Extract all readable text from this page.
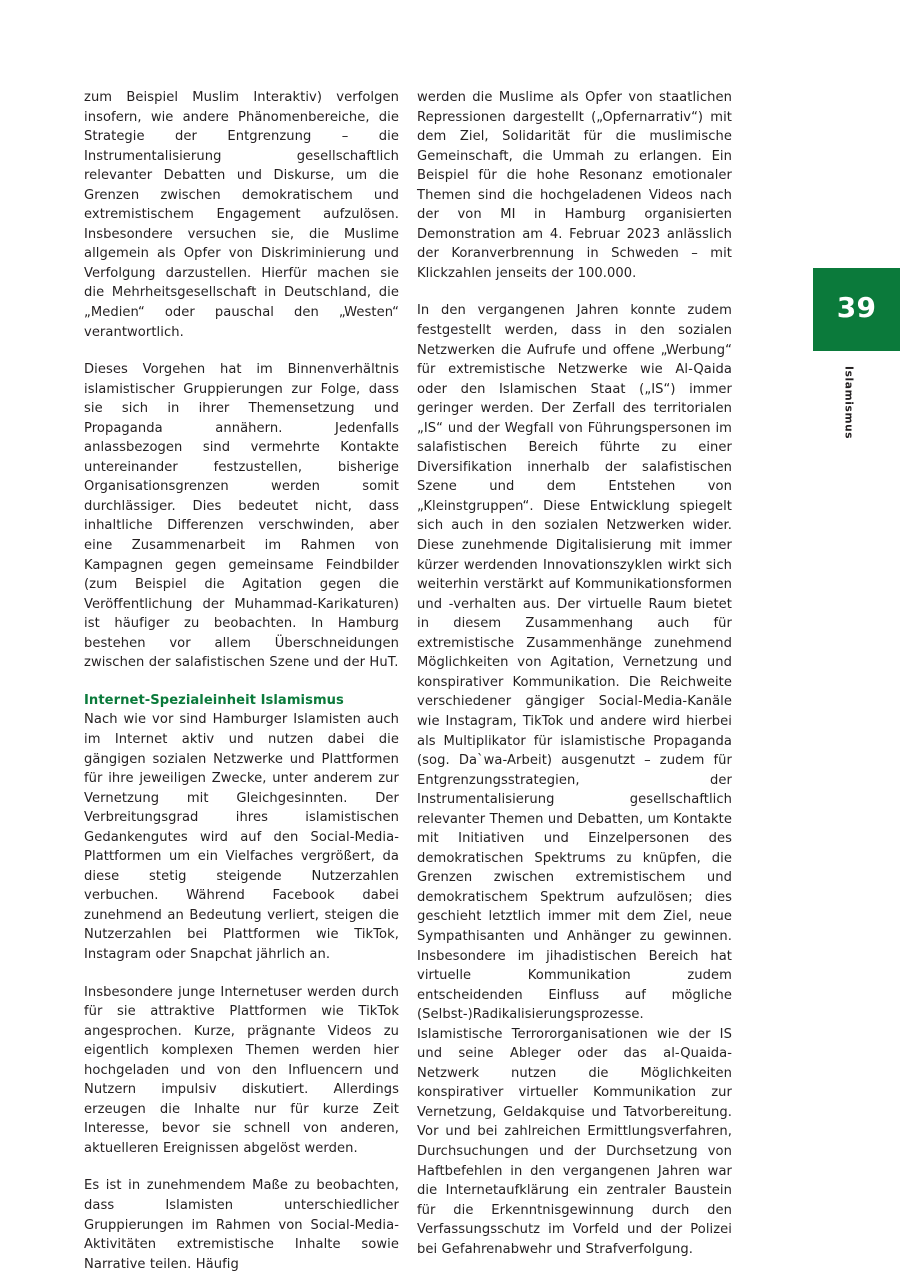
zum Beispiel Muslim Interaktiv) verfolgen insofern, wie andere Phänomenbereiche, die Strategie der Entgrenzung – die Instrumentalisierung gesellschaftlich relevanter Debatten und Diskurse, um die Grenzen zwischen demokratischem und extremistischem Engagement aufzulösen. Insbesondere versuchen sie, die Muslime allgemein als Opfer von Diskriminierung und Verfolgung darzustellen. Hierfür machen sie die Mehrheitsgesellschaft in Deutschland, die „Medien“ oder pauschal den „Westen“ verantwortlich.

Dieses Vorgehen hat im Binnenverhältnis islamistischer Gruppierungen zur Folge, dass sie sich in ihrer Themensetzung und Propaganda annähern. Jedenfalls anlassbezogen sind vermehrte Kontakte untereinander festzustellen, bisherige Organisationsgrenzen werden somit durchlässiger. Dies bedeutet nicht, dass inhaltliche Differenzen verschwinden, aber eine Zusammenarbeit im Rahmen von Kampagnen gegen gemeinsame Feindbilder (zum Beispiel die Agitation gegen die Veröffentlichung der Muhammad-Karikaturen) ist häufiger zu beobachten. In Hamburg bestehen vor allem Überschneidungen zwischen der salafistischen Szene und der HuT.

Internet-Spezialeinheit Islamismus

Nach wie vor sind Hamburger Islamisten auch im Internet aktiv und nutzen dabei die gängigen sozialen Netzwerke und Plattformen für ihre jeweiligen Zwecke, unter anderem zur Vernetzung mit Gleichgesinnten. Der Verbreitungsgrad ihres islamistischen Gedankengutes wird auf den Social-Media-Plattformen um ein Vielfaches vergrößert, da diese stetig steigende Nutzerzahlen verbuchen. Während Facebook dabei zunehmend an Bedeutung verliert, steigen die Nutzerzahlen bei Plattformen wie TikTok, Instagram oder Snapchat jährlich an.

Insbesondere junge Internetuser werden durch für sie attraktive Plattformen wie TikTok angesprochen. Kurze, prägnante Videos zu eigentlich komplexen Themen werden hier hochgeladen und von den Influencern und Nutzern impulsiv diskutiert. Allerdings erzeugen die Inhalte nur für kurze Zeit Interesse, bevor sie schnell von anderen, aktuelleren Ereignissen abgelöst werden.

Es ist in zunehmendem Maße zu beobachten, dass Islamisten unterschiedlicher Gruppierungen im Rahmen von Social-Media-Aktivitäten extremistische Inhalte sowie Narrative teilen. Häufig

werden die Muslime als Opfer von staatlichen Repressionen dargestellt („Opfernarrativ“) mit dem Ziel, Solidarität für die muslimische Gemeinschaft, die Ummah zu erlangen. Ein Beispiel für die hohe Resonanz emotionaler Themen sind die hochgeladenen Videos nach der von MI in Hamburg organisierten Demonstration am 4. Februar 2023 anlässlich der Koranverbrennung in Schweden – mit Klickzahlen jenseits der 100.000.

In den vergangenen Jahren konnte zudem festgestellt werden, dass in den sozialen Netzwerken die Aufrufe und offene „Werbung“ für extremistische Netzwerke wie Al-Qaida oder den Islamischen Staat („IS“) immer geringer werden. Der Zerfall des territorialen „IS“ und der Wegfall von Führungspersonen im salafistischen Bereich führte zu einer Diversifikation innerhalb der salafistischen Szene und dem Entstehen von „Kleinstgruppen“. Diese Entwicklung spiegelt sich auch in den sozialen Netzwerken wider. Diese zunehmende Digitalisierung mit immer kürzer werdenden Innovationszyklen wirkt sich weiterhin verstärkt auf Kommunikationsformen und -verhalten aus. Der virtuelle Raum bietet in diesem Zusammenhang auch für extremistische Zusammenhänge zunehmend Möglichkeiten von Agitation, Vernetzung und konspirativer Kommunikation. Die Reichweite verschiedener gängiger Social-Media-Kanäle wie Instagram, TikTok und andere wird hierbei als Multiplikator für islamistische Propaganda (sog. Da`wa-Arbeit) ausgenutzt – zudem für Entgrenzungsstrategien, der Instrumentalisierung gesellschaftlich relevanter Themen und Debatten, um Kontakte mit Initiativen und Einzelpersonen des demokratischen Spektrums zu knüpfen, die Grenzen zwischen extremistischem und demokratischem Spektrum aufzulösen; dies geschieht letztlich immer mit dem Ziel, neue Sympathisanten und Anhänger zu gewinnen. Insbesondere im jihadistischen Bereich hat virtuelle Kommunikation zudem entscheidenden Einfluss auf mögliche (Selbst-)Radikalisierungsprozesse. Islamistische Terrororganisationen wie der IS und seine Ableger oder das al-Quaida-Netzwerk nutzen die Möglichkeiten konspirativer virtueller Kommunikation zur Vernetzung, Geldakquise und Tatvorbereitung. Vor und bei zahlreichen Ermittlungsverfahren, Durchsuchungen und der Durchsetzung von Haftbefehlen in den vergangenen Jahren war die Internetaufklärung ein zentraler Baustein für die Erkenntnisgewinnung durch den Verfassungsschutz im Vorfeld und der Polizei bei Gefahrenabwehr und Strafverfolgung.

39
Islamismus
